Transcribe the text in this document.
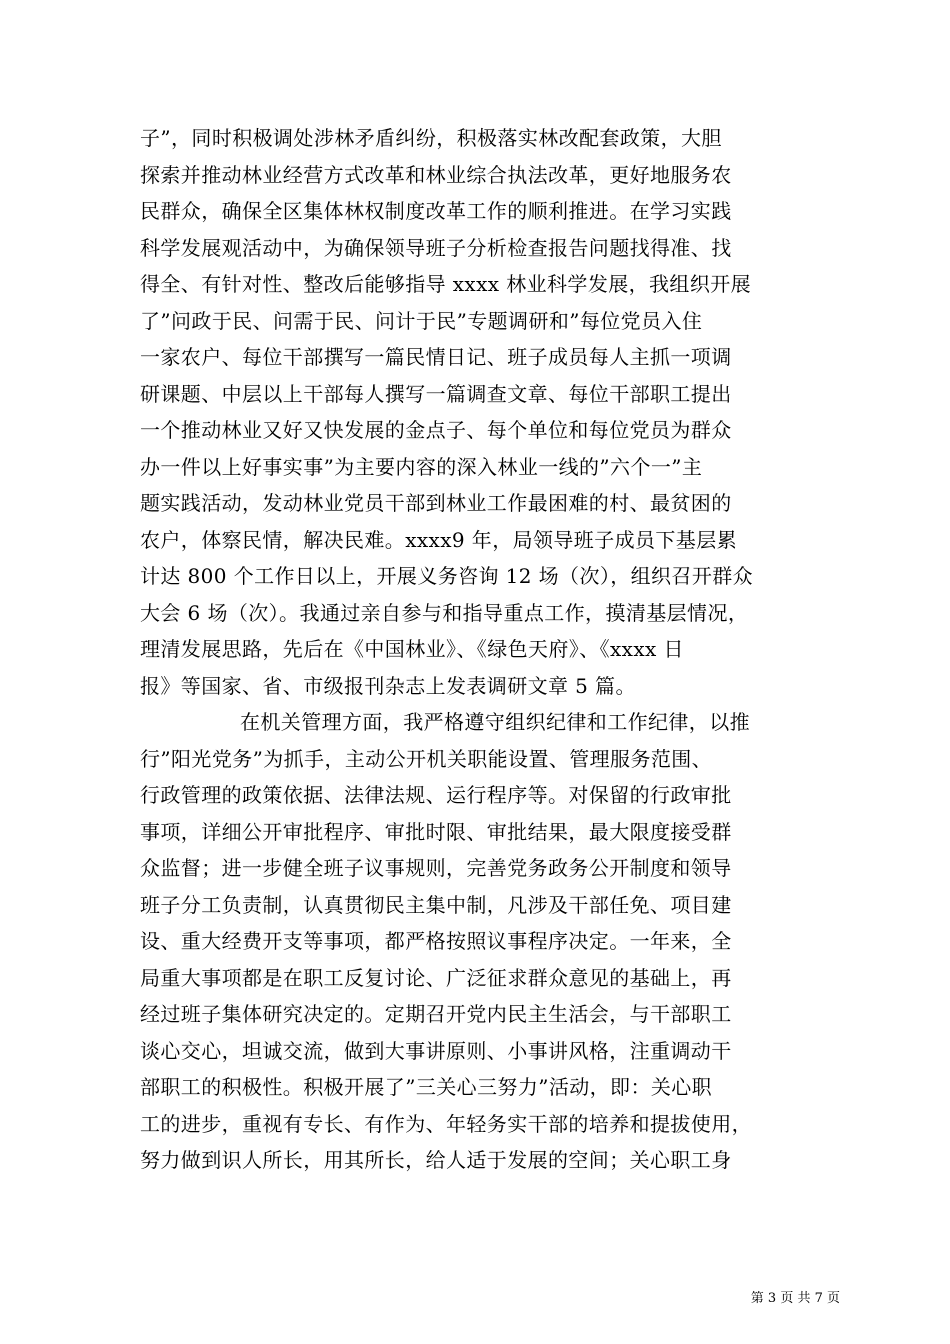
子”，同时积极调处涉林矛盾纠纷，积极落实林改配套政策，大胆
探索并推动林业经营方式改革和林业综合执法改革，更好地服务农
民群众，确保全区集体林权制度改革工作的顺利推进。在学习实践
科学发展观活动中，为确保领导班子分析检查报告问题找得准、找
得全、有针对性、整改后能够指导 xxxx 林业科学发展，我组织开展
了”问政于民、问需于民、问计于民”专题调研和”每位党员入住
一家农户、每位干部撰写一篇民情日记、班子成员每人主抓一项调
研课题、中层以上干部每人撰写一篇调查文章、每位干部职工提出
一个推动林业又好又快发展的金点子、每个单位和每位党员为群众
办一件以上好事实事”为主要内容的深入林业一线的”六个一”主
题实践活动，发动林业党员干部到林业工作最困难的村、最贫困的
农户，体察民情，解决民难。xxxx9 年，局领导班子成员下基层累
计达 800 个工作日以上，开展义务咨询 12 场（次），组织召开群众
大会 6 场（次）。我通过亲自参与和指导重点工作，摸清基层情况，
理清发展思路，先后在《中国林业》、《绿色天府》、《xxxx 日
报》等国家、省、市级报刊杂志上发表调研文章 5 篇。
在机关管理方面，我严格遵守组织纪律和工作纪律，以推
行”阳光党务”为抓手，主动公开机关职能设置、管理服务范围、
行政管理的政策依据、法律法规、运行程序等。对保留的行政审批
事项，详细公开审批程序、审批时限、审批结果，最大限度接受群
众监督；进一步健全班子议事规则，完善党务政务公开制度和领导
班子分工负责制，认真贯彻民主集中制，凡涉及干部任免、项目建
设、重大经费开支等事项，都严格按照议事程序决定。一年来，全
局重大事项都是在职工反复讨论、广泛征求群众意见的基础上，再
经过班子集体研究决定的。定期召开党内民主生活会，与干部职工
谈心交心，坦诚交流，做到大事讲原则、小事讲风格，注重调动干
部职工的积极性。积极开展了”三关心三努力”活动，即：关心职
工的进步，重视有专长、有作为、年轻务实干部的培养和提拔使用，
努力做到识人所长，用其所长，给人适于发展的空间；关心职工身
第 3 页 共 7 页
